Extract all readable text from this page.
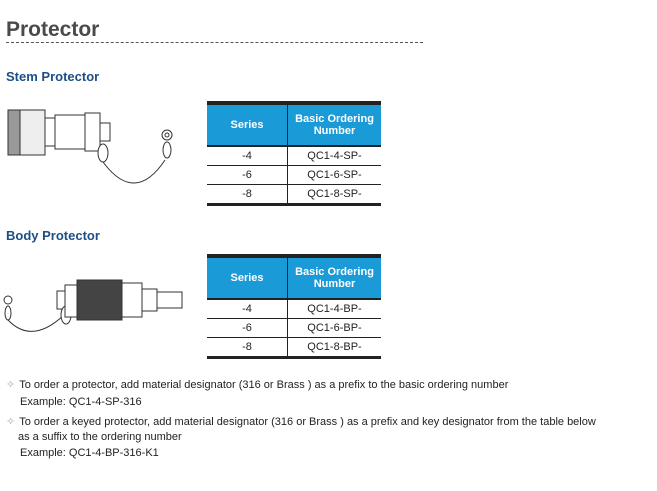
Protector
Stem Protector
Series	Basic Ordering Number
-4	QC1-4-SP-
-6	QC1-6-SP-
-8	QC1-8-SP-
Body Protector
Series	Basic Ordering Number
-4	QC1-4-BP-
-6	QC1-6-BP-
-8	QC1-8-BP-
✧ To order a protector, add material designator (316 or Brass ) as a prefix to the basic ordering number
Example: QC1-4-SP-316
✧ To order a keyed protector, add material designator (316 or Brass ) as a prefix and key designator from the table below
as a suffix to the ordering number
Example: QC1-4-BP-316-K1
